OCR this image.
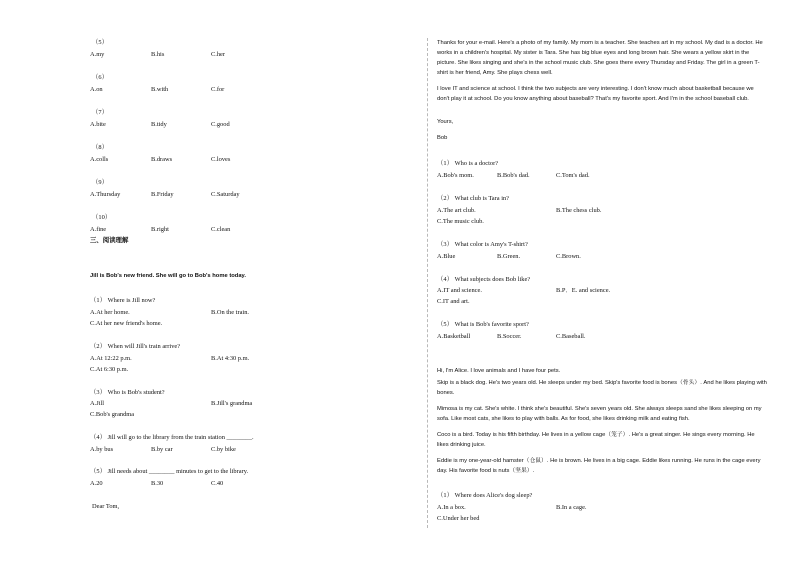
（5）
A.my	B.his	C.her
（6）
A.on	B.with	C.for
（7）
A.bite	B.tidy	C.good
（8）
A.colls	B.draws	C.loves
（9）
A.Thursday	B.Friday	C.Saturday
（10）
A.fine	B.right	C.clean
三、阅读理解
Jill is Bob's new friend. She will go to Bob's home today.
（1） Where is Jill now?
A.At her home.	B.On the train.
C.At her new friend's home.
（2） When will Jill's train arrive?
A.At 12:22 p.m.	B.At 4:30 p.m.
C.At 6:30 p.m.
（3） Who is Bob's student?
A.Jill	B.Jill's grandma
C.Bob's grandma
（4） Jill will go to the library from the train station ________.
A.by bus	B.by car	C.by bike
（5） Jill needs about ________ minutes to get to the library.
A.20	B.30	C.40
Dear Tom,
Thanks for your e-mail. Here's a photo of my family. My mom is a teacher. She teaches art in my school. My dad is a doctor. He works in a children's hospital. My sister is Tara. She has big blue eyes and long brown hair. She wears a yellow skirt in the picture. She likes singing and she's in the school music club. She goes there every Thursday and Friday. The girl in a green T-shirt is her friend, Amy. She plays chess well.
I love IT and science at school. I think the two subjects are very interesting. I don't know much about basketball because we don't play it at school. Do you know anything about baseball? That's my favorite sport. And I'm in the school baseball club.
Yours,
Bob
（1） Who is a doctor?
A.Bob's mom.	B.Bob's dad.	C.Tom's dad.
（2） What club is Tara in?
A.The art club.	B.The chess club.
C.The music club.
（3） What color is Amy's T-shirt?
A.Blue	B.Green.	C.Brown.
（4） What subjects does Bob like?
A.IT and science.	B.P．E. and science.
C.IT and art.
（5） What is Bob's favorite sport?
A.Basketball	B.Soccer.	C.Baseball.
Hi, I'm Alice. I love animals and I have four pets.
Skip is a black dog. He's two years old. He sleeps under my bed. Skip's favorite food is bones（骨头）. And he likes playing with bones.
Mimosa is my cat. She's white. I think she's beautiful. She's seven years old. She always sleeps sand she likes sleeping on my sofa. Like most cats, she likes to play with balls. As for food, she likes drinking milk and eating fish.
Coco is a bird. Today is his fifth birthday. He lives in a yellow cage（笼子）. He's a great singer. He sings every morning. He likes drinking juice.
Eddie is my one-year-old hamster（仓鼠）. He is brown. He lives in a big cage. Eddie likes running. He runs in the cage every day. His favorite food is nuts（坚果）.
（1） Where does Alice's dog sleep?
A.In a box.	B.In a cage.
C.Under her bed
